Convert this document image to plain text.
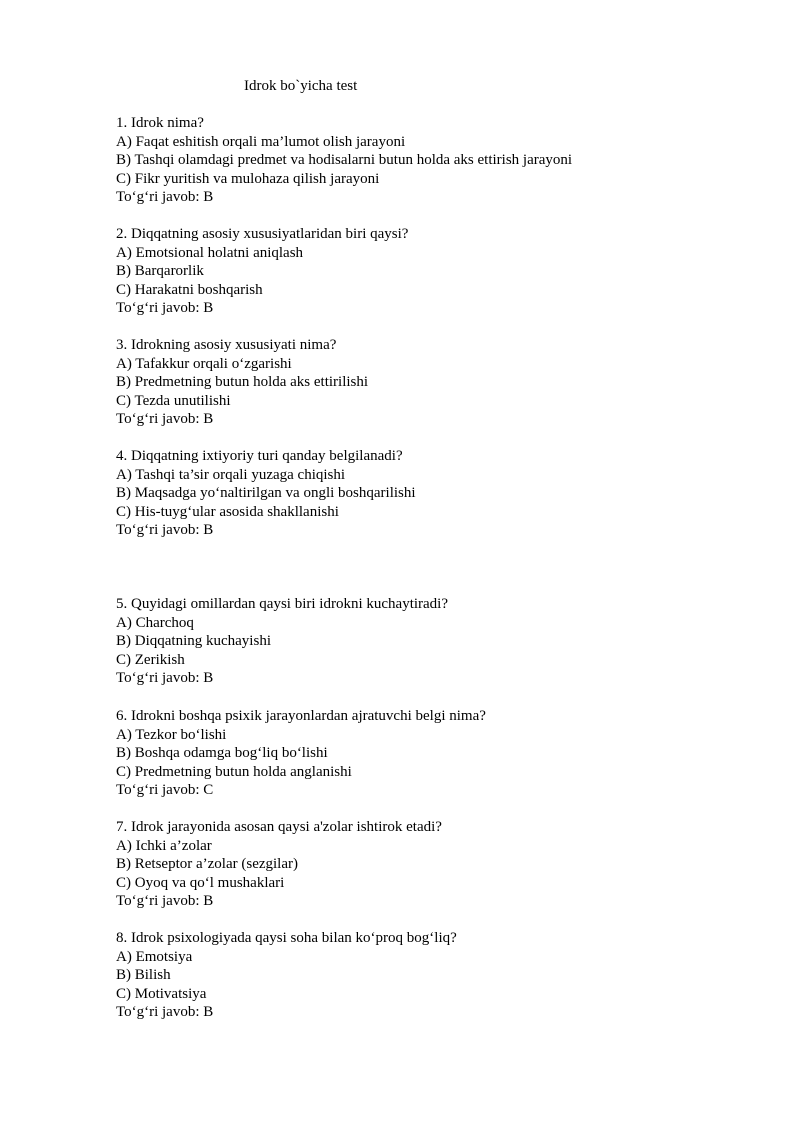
Idrok bo`yicha test
1. Idrok nima?
A) Faqat eshitish orqali ma’lumot olish jarayoni
B) Tashqi olamdagi predmet va hodisalarni butun holda aks ettirish jarayoni
C) Fikr yuritish va mulohaza qilish jarayoni
To‘g‘ri javob: B
2. Diqqatning asosiy xususiyatlaridan biri qaysi?
A) Emotsional holatni aniqlash
B) Barqarorlik
C) Harakatni boshqarish
To‘g‘ri javob: B
3. Idrokning asosiy xususiyati nima?
A) Tafakkur orqali o‘zgarishi
B) Predmetning butun holda aks ettirilishi
C) Tezda unutilishi
To‘g‘ri javob: B
4. Diqqatning ixtiyoriy turi qanday belgilanadi?
A) Tashqi ta’sir orqali yuzaga chiqishi
B) Maqsadga yo‘naltirilgan va ongli boshqarilishi
C) His-tuyg‘ular asosida shakllanishi
To‘g‘ri javob: B
5. Quyidagi omillardan qaysi biri idrokni kuchaytiradi?
A) Charchoq
B) Diqqatning kuchayishi
C) Zerikish
To‘g‘ri javob: B
6. Idrokni boshqa psixik jarayonlardan ajratuvchi belgi nima?
A) Tezkor bo‘lishi
B) Boshqa odamga bog‘liq bo‘lishi
C) Predmetning butun holda anglanishi
To‘g‘ri javob: C
7. Idrok jarayonida asosan qaysi a'zolar ishtirok etadi?
A) Ichki a’zolar
B) Retseptor a’zolar (sezgilar)
C) Oyoq va qo‘l mushaklari
To‘g‘ri javob: B
8. Idrok psixologiyada qaysi soha bilan ko‘proq bog‘liq?
A) Emotsiya
B) Bilish
C) Motivatsiya
To‘g‘ri javob: B
